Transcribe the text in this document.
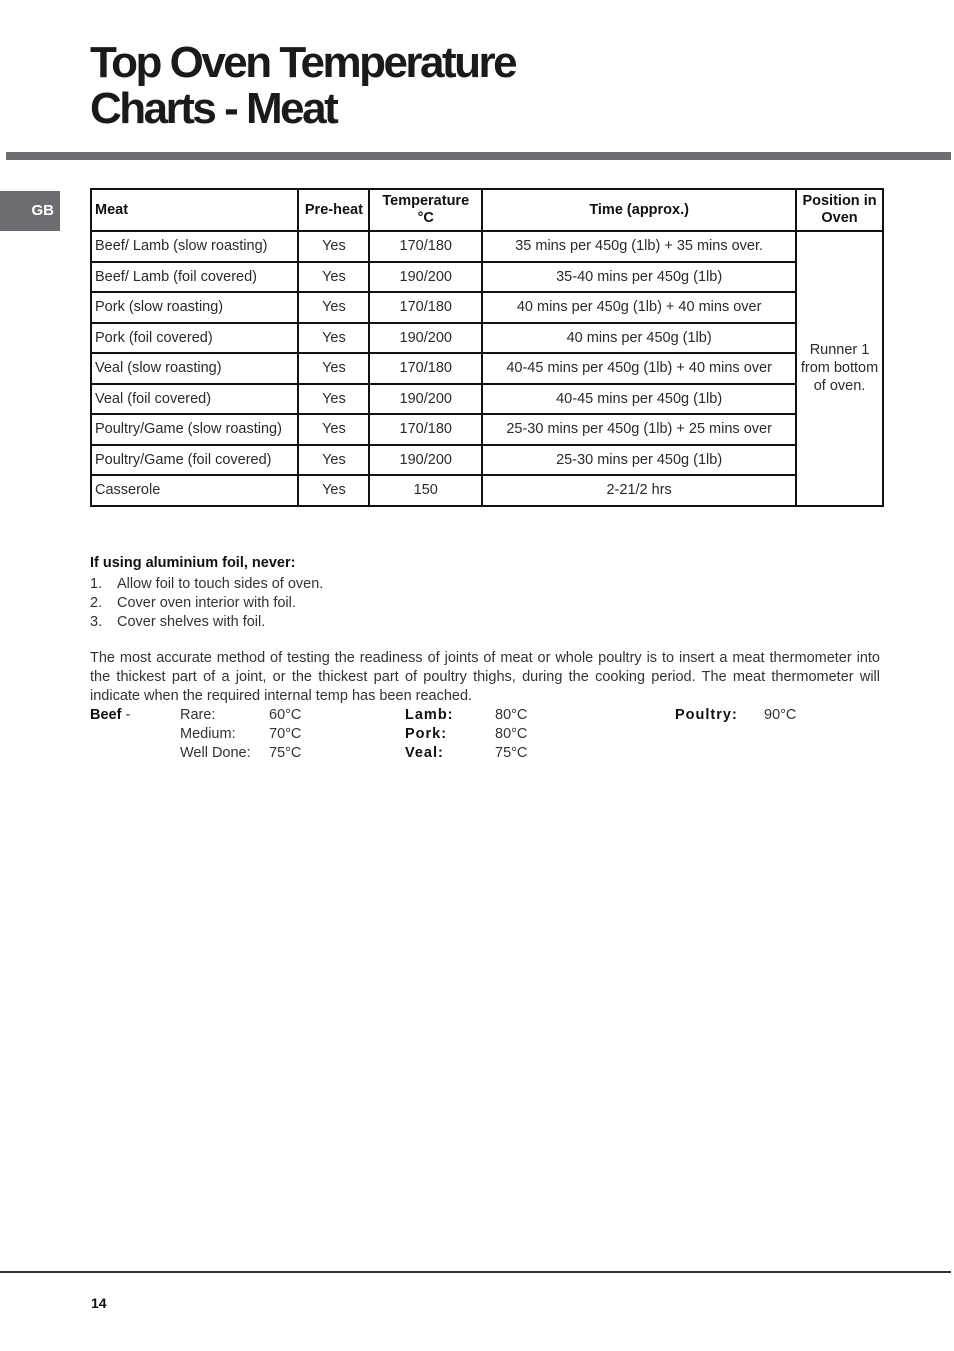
Top Oven Temperature
Charts - Meat
GB	Meat	Pre-heat	Temperature °C	Time (approx.)	Position in Oven
Beef/ Lamb (slow roasting)	Yes	170/180	35 mins per 450g (1lb) + 35 mins over.	Runner 1 from bottom of oven.
Beef/ Lamb (foil covered)	Yes	190/200	35-40 mins per 450g (1lb)	
Pork (slow roasting)	Yes	170/180	40 mins per 450g (1lb) + 40 mins over	
Pork (foil covered)	Yes	190/200	40 mins per 450g (1lb)	
Veal (slow roasting)	Yes	170/180	40-45 mins per 450g (1lb) + 40 mins over	
Veal (foil covered)	Yes	190/200	40-45 mins per 450g (1lb)	
Poultry/Game (slow roasting)	Yes	170/180	25-30 mins per 450g (1lb) + 25 mins over	
Poultry/Game (foil covered)	Yes	190/200	25-30 mins per 450g (1lb)	
Casserole	Yes	150	2-21/2 hrs	

If using aluminium foil, never:

1.	Allow foil to touch sides of oven.
2.	Cover oven interior with foil.
3.	Cover shelves with foil.

The most accurate method of testing the readiness of joints of meat or whole poultry is to insert a meat thermometer into the thickest part of a joint, or the thickest part of poultry thighs, during the cooking period. The meat thermometer will indicate when the required internal temp has been reached.

Beef -	Rare:	60°C	Lamb:	80°C	Poultry: 90°C
Medium: 70°C	Pork:	80°C
Well Done: 75°C	Veal:	75°C
14
